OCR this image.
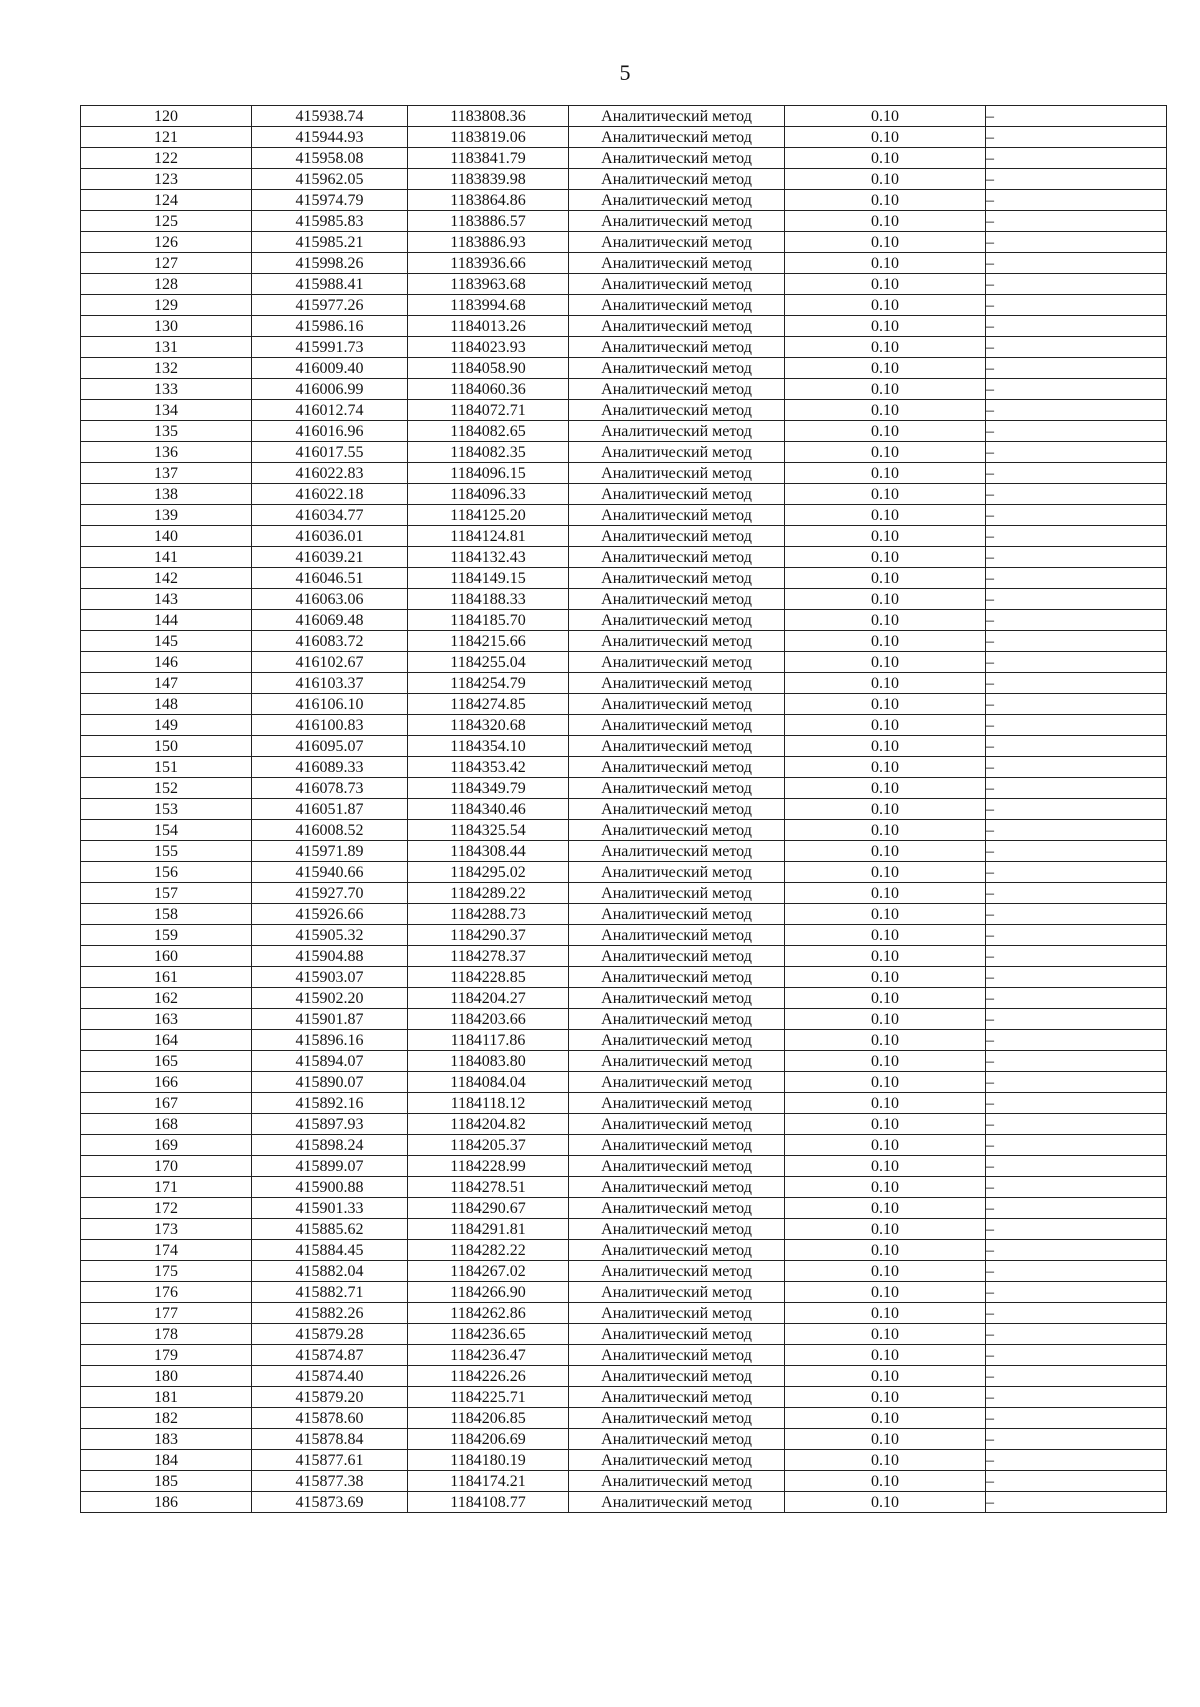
5
120	415938.74	1183808.36	Аналитический метод	0.10	–
121	415944.93	1183819.06	Аналитический метод	0.10	–
122	415958.08	1183841.79	Аналитический метод	0.10	–
123	415962.05	1183839.98	Аналитический метод	0.10	–
124	415974.79	1183864.86	Аналитический метод	0.10	–
125	415985.83	1183886.57	Аналитический метод	0.10	–
126	415985.21	1183886.93	Аналитический метод	0.10	–
127	415998.26	1183936.66	Аналитический метод	0.10	–
128	415988.41	1183963.68	Аналитический метод	0.10	–
129	415977.26	1183994.68	Аналитический метод	0.10	–
130	415986.16	1184013.26	Аналитический метод	0.10	–
131	415991.73	1184023.93	Аналитический метод	0.10	–
132	416009.40	1184058.90	Аналитический метод	0.10	–
133	416006.99	1184060.36	Аналитический метод	0.10	–
134	416012.74	1184072.71	Аналитический метод	0.10	–
135	416016.96	1184082.65	Аналитический метод	0.10	–
136	416017.55	1184082.35	Аналитический метод	0.10	–
137	416022.83	1184096.15	Аналитический метод	0.10	–
138	416022.18	1184096.33	Аналитический метод	0.10	–
139	416034.77	1184125.20	Аналитический метод	0.10	–
140	416036.01	1184124.81	Аналитический метод	0.10	–
141	416039.21	1184132.43	Аналитический метод	0.10	–
142	416046.51	1184149.15	Аналитический метод	0.10	–
143	416063.06	1184188.33	Аналитический метод	0.10	–
144	416069.48	1184185.70	Аналитический метод	0.10	–
145	416083.72	1184215.66	Аналитический метод	0.10	–
146	416102.67	1184255.04	Аналитический метод	0.10	–
147	416103.37	1184254.79	Аналитический метод	0.10	–
148	416106.10	1184274.85	Аналитический метод	0.10	–
149	416100.83	1184320.68	Аналитический метод	0.10	–
150	416095.07	1184354.10	Аналитический метод	0.10	–
151	416089.33	1184353.42	Аналитический метод	0.10	–
152	416078.73	1184349.79	Аналитический метод	0.10	–
153	416051.87	1184340.46	Аналитический метод	0.10	–
154	416008.52	1184325.54	Аналитический метод	0.10	–
155	415971.89	1184308.44	Аналитический метод	0.10	–
156	415940.66	1184295.02	Аналитический метод	0.10	–
157	415927.70	1184289.22	Аналитический метод	0.10	–
158	415926.66	1184288.73	Аналитический метод	0.10	–
159	415905.32	1184290.37	Аналитический метод	0.10	–
160	415904.88	1184278.37	Аналитический метод	0.10	–
161	415903.07	1184228.85	Аналитический метод	0.10	–
162	415902.20	1184204.27	Аналитический метод	0.10	–
163	415901.87	1184203.66	Аналитический метод	0.10	–
164	415896.16	1184117.86	Аналитический метод	0.10	–
165	415894.07	1184083.80	Аналитический метод	0.10	–
166	415890.07	1184084.04	Аналитический метод	0.10	–
167	415892.16	1184118.12	Аналитический метод	0.10	–
168	415897.93	1184204.82	Аналитический метод	0.10	–
169	415898.24	1184205.37	Аналитический метод	0.10	–
170	415899.07	1184228.99	Аналитический метод	0.10	–
171	415900.88	1184278.51	Аналитический метод	0.10	–
172	415901.33	1184290.67	Аналитический метод	0.10	–
173	415885.62	1184291.81	Аналитический метод	0.10	–
174	415884.45	1184282.22	Аналитический метод	0.10	–
175	415882.04	1184267.02	Аналитический метод	0.10	–
176	415882.71	1184266.90	Аналитический метод	0.10	–
177	415882.26	1184262.86	Аналитический метод	0.10	–
178	415879.28	1184236.65	Аналитический метод	0.10	–
179	415874.87	1184236.47	Аналитический метод	0.10	–
180	415874.40	1184226.26	Аналитический метод	0.10	–
181	415879.20	1184225.71	Аналитический метод	0.10	–
182	415878.60	1184206.85	Аналитический метод	0.10	–
183	415878.84	1184206.69	Аналитический метод	0.10	–
184	415877.61	1184180.19	Аналитический метод	0.10	–
185	415877.38	1184174.21	Аналитический метод	0.10	–
186	415873.69	1184108.77	Аналитический метод	0.10	–
